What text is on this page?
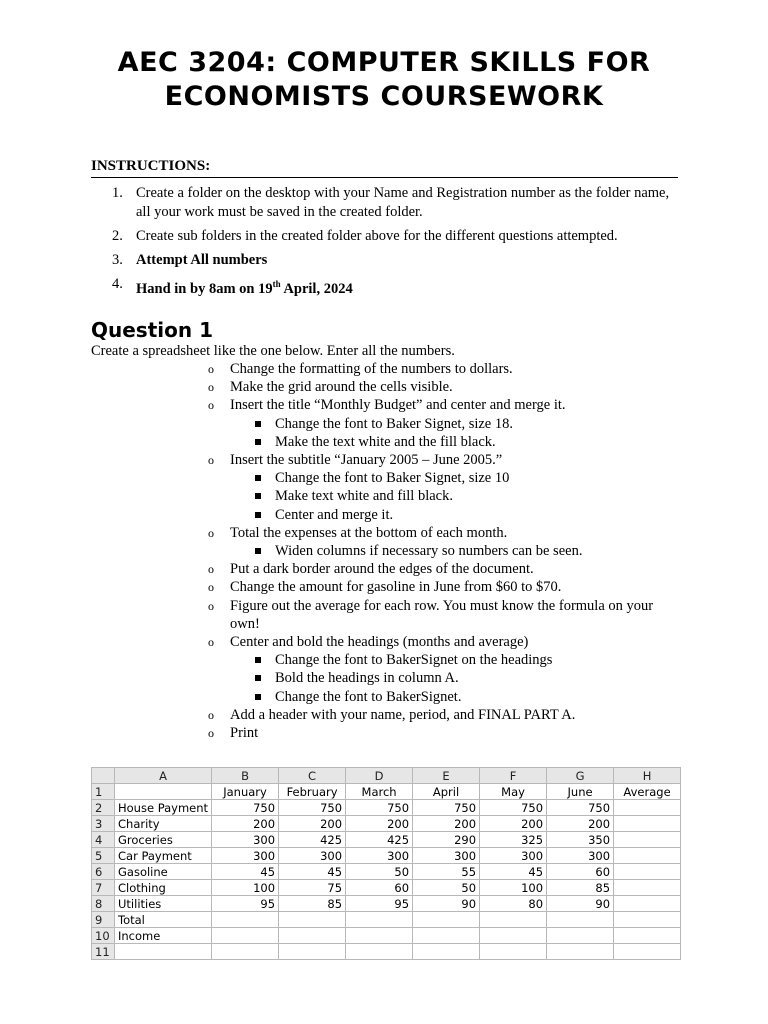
AEC 3204: COMPUTER SKILLS FOR
ECONOMISTS COURSEWORK
INSTRUCTIONS:
1. Create a folder on the desktop with your Name and Registration number as the folder name, all your work must be saved in the created folder.
2. Create sub folders in the created folder above for the different questions attempted.
3. Attempt All numbers
4. Hand in by 8am on 19th April, 2024
Question 1
Create a spreadsheet like the one below. Enter all the numbers.
o Change the formatting of the numbers to dollars.
o Make the grid around the cells visible.
o Insert the title “Monthly Budget” and center and merge it.
Change the font to Baker Signet, size 18.
Make the text white and the fill black.
o Insert the subtitle “January 2005 – June 2005.”
Change the font to Baker Signet, size 10
Make text white and fill black.
Center and merge it.
o Total the expenses at the bottom of each month.
Widen columns if necessary so numbers can be seen.
o Put a dark border around the edges of the document.
o Change the amount for gasoline in June from $60 to $70.
o Figure out the average for each row. You must know the formula on your own!
o Center and bold the headings (months and average)
Change the font to BakerSignet on the headings
Bold the headings in column A.
Change the font to BakerSignet.
o Add a header with your name, period, and FINAL PART A.
o Print
	A	B	C	D	E	F	G	H
1		January	February	March	April	May	June	Average
2	House Payment	750	750	750	750	750	750	
3	Charity	200	200	200	200	200	200	
4	Groceries	300	425	425	290	325	350	
5	Car Payment	300	300	300	300	300	300	
6	Gasoline	45	45	50	55	45	60	
7	Clothing	100	75	60	50	100	85	
8	Utilities	95	85	95	90	80	90	
9	Total							
10	Income							
11								
